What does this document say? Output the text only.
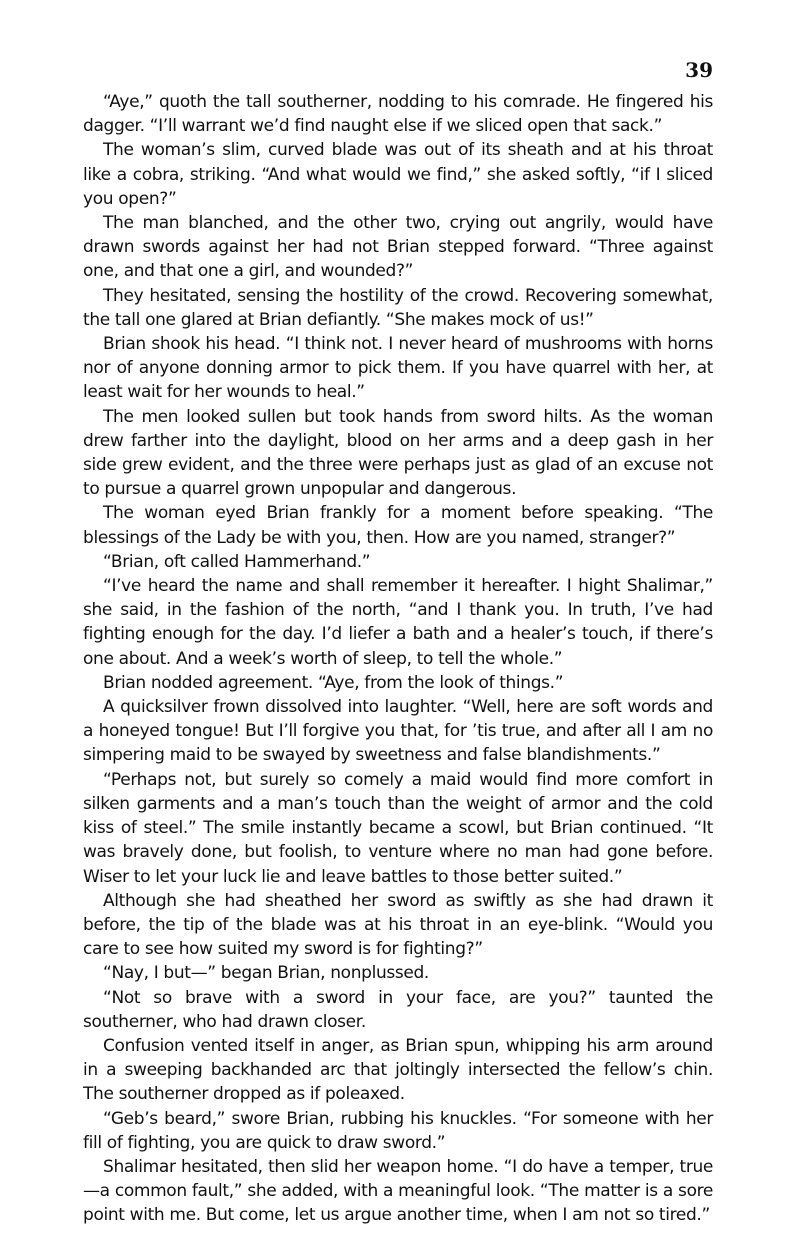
39

“Aye,” quoth the tall southerner, nodding to his comrade. He fingered his dagger. “I’ll warrant we’d find naught else if we sliced open that sack.”

The woman’s slim, curved blade was out of its sheath and at his throat like a cobra, striking. “And what would we find,” she asked softly, “if I sliced you open?”

The man blanched, and the other two, crying out angrily, would have drawn swords against her had not Brian stepped forward. “Three against one, and that one a girl, and wounded?”

They hesitated, sensing the hostility of the crowd. Recovering somewhat, the tall one glared at Brian defiantly. “She makes mock of us!”

Brian shook his head. “I think not. I never heard of mushrooms with horns nor of anyone donning armor to pick them. If you have quarrel with her, at least wait for her wounds to heal.”

The men looked sullen but took hands from sword hilts. As the woman drew farther into the daylight, blood on her arms and a deep gash in her side grew evident, and the three were perhaps just as glad of an excuse not to pursue a quarrel grown unpopular and dangerous.

The woman eyed Brian frankly for a moment before speaking. “The blessings of the Lady be with you, then. How are you named, stranger?”

“Brian, oft called Hammerhand.”

“I’ve heard the name and shall remember it hereafter. I hight Shalimar,” she said, in the fashion of the north, “and I thank you. In truth, I’ve had fighting enough for the day. I’d liefer a bath and a healer’s touch, if there’s one about. And a week’s worth of sleep, to tell the whole.”

Brian nodded agreement. “Aye, from the look of things.”

A quicksilver frown dissolved into laughter. “Well, here are soft words and a honeyed tongue! But I’ll forgive you that, for ’tis true, and after all I am no simpering maid to be swayed by sweetness and false blandishments.”

“Perhaps not, but surely so comely a maid would find more comfort in silken garments and a man’s touch than the weight of armor and the cold kiss of steel.” The smile instantly became a scowl, but Brian continued. “It was bravely done, but foolish, to venture where no man had gone before. Wiser to let your luck lie and leave battles to those better suited.”

Although she had sheathed her sword as swiftly as she had drawn it before, the tip of the blade was at his throat in an eye-blink. “Would you care to see how suited my sword is for fighting?”

“Nay, I but—” began Brian, nonplussed.

“Not so brave with a sword in your face, are you?” taunted the southerner, who had drawn closer.

Confusion vented itself in anger, as Brian spun, whipping his arm around in a sweeping backhanded arc that joltingly intersected the fellow’s chin. The southerner dropped as if poleaxed.

“Geb’s beard,” swore Brian, rubbing his knuckles. “For someone with her fill of fighting, you are quick to draw sword.”

Shalimar hesitated, then slid her weapon home. “I do have a temper, true—a common fault,” she added, with a meaningful look. “The matter is a sore point with me. But come, let us argue another time, when I am not so tired.”
